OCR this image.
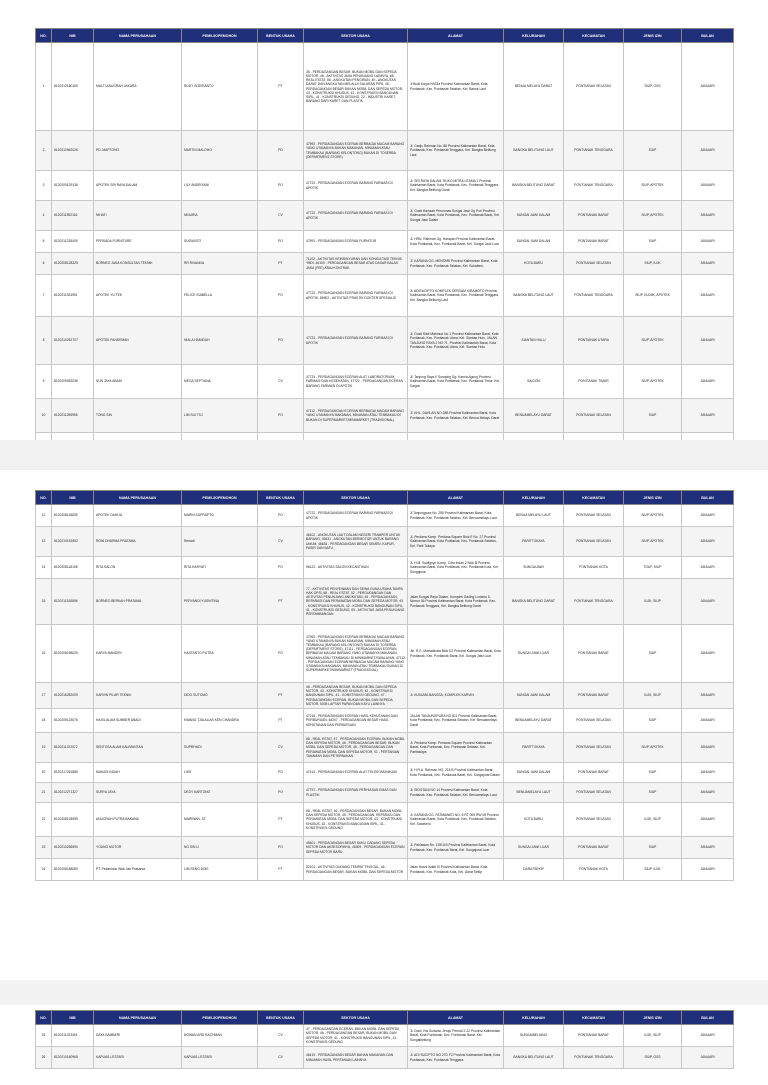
NO.	NIB	NAMA PERUSAHAAN	PEMILIK/PEMOHON	BENTUK USAHA	SEKTOR USAHA	ALAMAT	KELURAHAN	KECAMATAN	JENIS IZIN	BULAN
1	8120212180169	MULTI ANUGRAH JAKARA	RUDY SOERIANTO	PT	36 - PERDAGANGAN BESAR, BUKAN MOBIL DAN SEPEDA MOTOR, 46 - AKTIVITAS JASA PENUNJANG LAINNYA, 68 - REAL ESTAT, 56 - ANGKUTAN PENGIRAN, 49 - ANGKUTAN DARAT DAN ANGKUTAN MELALUI SALURAN PIPA, 46 - PERDAGANGAN BESAR BUKAN MOBIL DAN SEPEDA MOTOR, 43 - KONSTRUKSI KHUSUS, 42 - KONSTRUKSI BANGUNAN SIPIL, 41 - KONSTRUKSI GEDUNG, 22 - INDUSTRI KARET, BARANG DARI KARET DAN PLASTIK	Jl Budi Karya Nh33a Provinsi Kalimantan Barat, Kota Pontianak, Kec. Pontianak Selatan, Kel. Bansir Laut	BENUA MELAYU DARAT	PONTIANAK SELATAN	SIUP, OSS	JANUARI
2	8120210962026	PD. MAPTONG	MARTIN MALOHO	PD	47992 - PERDAGANGAN ECERAN BERBAGAI MACAM BARANG YANG UTAMANYA BUKAN MAKANAN, MINUMAN ATAU TEMBAKAU (BARANG KELONTONG) BUKAN DI TOSERBA (DEPARTMENT STORE)	Jl. Gadjo Rahman No. 88 Provinsi Kalimantan Barat, Kota Pontianak, Kec. Pontianak Tenggara, Kel. Bangka Belitung Laut	BANGKA BELITUNG LAUT	PONTIANAK TENGGARA	SIUP	JANUARI
3	8120209129136	APOTEK SRI RAYA DALAM	LILY ANDRIYANI	PO	47722 - PERDAGANGAN ECERAN BARANG FARMASI DI APOTIK	Jl. SRI RAYA DALAM, RUKO MITRA UTAMA 1 Provinsi Kalimantan Barat, Kota Pontianak, Kec. Pontianak Tenggara, Kel. Bangka Belitung Darat	BANGKA BELITUNG DARAT	PONTIANAK TENGGARA	SIUP, APOTEK	JANUARI
4	8120211592116	NIHATI	NINURIA	CV	47722 - PERDAGANGAN ECERAN BARANG FARMASI DI APOTIK	Jl. Gusti Hamzah Perumnas Sungai Jawi Gg Puri Provinsi Kalimantan Barat, Kota Pontianak, Kec. Pontianak Barat, Kel. Sungai Jawi Dalam	SUNGAI JAWI DALAM	PONTIANAK BARAT	SIUP, APOTEK	JANUARI
5	8120211228409	PERSADA FURNITURE	SUGIANTO	PO	47591 - PERDAGANGAN ECERAN FURNITUR	Jl. HRN. Rahman Gg. Harapan Provinsi Kalimantan Barat, Kota Pontianak, Kec. Pontianak Barat, Kel. Sungai Jawi Luar	SUNGAI JAWI DALAM	PONTIANAK BARAT	SIUP	JANUARI
6	8120208128325	BORNEO JASA KONSULTAN TEKNIK	RR RIVANDA	PT	71102 - AKTIVITAS KEINSINYURAN DAN KONSULTASI TEKNIS YBDI, 46100 - PERDAGANGAN BESAR ATAS DASAR BALAS JASA (FEE) ATAU KONTRAK	Jl. KARANA GG. MENTARI Provinsi Kalimantan Barat, Kota Pontianak, Kec. Pontianak Selatan, Kel. Sokaberu	KOTA BARU	PONTIANAK SELATAN	SIUP, IUJK	JANUARI
7	8120211924991	APOTEK YU TEK	FELICE ISABELLA	PO	47722 - PERDAGANGAN ECERAN BARANG FARMASI DI APOTIK, 86902 - AKTIVITAS PRAKTIK DOKTER SPESIALIS	Jl. ADISUCIPTO KOMPLEK SERDAM KIRAMOTO Provinsi Kalimantan Barat, Kota Pontianak, Kec. Pontianak Tenggara, Kel. Bangka Belitung Laut	BANGKA BELITUNG LAUT	PONTIANAK TENGGARA	SIUP, KLINIK, APOTEK	JANUARI
8	8120210252707	APOTEK PANDEMAN	NIALA HAMIDAH	PO	47722 - PERDAGANGAN ECERAN BARANG FARMASI DI APOTIK	Jl. Gusti Situt Mahmud No 1 Provinsi Kalimantan Barat, Kota Pontianak, Kec. Pontianak Utara, Kel. Siantan Hulu, JALAN TANJUNG RAYA 2 NO 71, Provinsi Kalimantan Barat, Kota Pontianak, Kec. Pontianak Utara, Kel. Siantan Hulu	SIANTAN HULU	PONTIANAK UTARA	SIUP, APOTEK	JANUARI
9	8120209052036	SUN JAYA ABADI	MEGA SEPTIANA	CV	47724 - PERDAGANGAN ECERAN ALAT LABORATORIUM, FARMASI DAN KESEHATAN, 47722 - PERDAGANGAN ECERAN BARANG FARMASI DI APOTIK	Jl. Tanjung Raya II Sumping Gg. Karnia Agung Provinsi Kalimantan Barat, Kota Pontianak, Kec. Pontianak Timur, Kel. Saigon	SAIGON	PONTIANAK TIMUR	SIUP, APOTEK	JANUARI
10	8120211298955	TONG SIN	LIM SUI TSJ	PO	47112 - PERDAGANGAN ECERAN BERBAGAI MACAM BARANG YANG UTAMANYA MAKANAN, MINUMAN ATAU TEMBAKAU DI BUKAN DI SUPERMARKET/MINIMARKET (TRADISIONAL)	Jl. KHL. DAHLAN NO.28B Provinsi Kalimantan Barat, Kota Pontianak, Kec. Pontianak Selatan, Kel. Benua Melayu Darat	BENUAMELAYU DARAT	PONTIANAK SELATAN	SIUP	JANUARI

NO.	NIB	NAMA PERUSAHAAN	PEMILIK/PEMOHON	BENTUK USAHA	SEKTOR USAHA	ALAMAT	KELURAHAN	KECAMATAN	JENIS IZIN	BULAN
12	8120208118835	APOTEK DAHLIA	MARNI SUPRAPTO	PO	47722 - PERDAGANGAN ECERAN BARANG FARMASI DI APOTIK	Jl Tanjungpura No. 298 Provinsi Kalimantan Barat, Kota Pontianak, Kec. Pontianak Selatan, Kel. Benuamelayu Laut	BENUA MELAYU LAUT	PONTIANAK SELATAN	SIUP, APOTEK	JANUARI
13	8120210152592	RONI DHARMA PRATAMA	Renadi	CV	46102 - ANGKUTAN LAUT DALAM NEGERI TRAMPER UNTUK BARANG, 49431 - ANGKUTAN BERMOTOR UNTUK BARANG UMUM, 46634 - PERDAGANGAN BESAR SEMEN, KAPUR, PASIR DAN BATU	Jl. Perdana Komp. Perdana Square Blok E No. 27 Provinsi Kalimantan Barat, Kota Pontianak, Kec. Pontianak Selatan, Kel. Parit Tokaya	PARITTOKAYA	PONTIANAK SELATAN	SIUP, APOTEK	JANUARI
14	8120208118108	RITA SALON	RITA HARYATI	PO	96122 - AKTIVITAS SALON KECANTIKAN	Jl. H.M. Suwignyo Komp. Citra Indah 2 Blok B Provinsi Kalimantan Barat, Kota Pontianak, Kec. Pontianak Kota, Kel. Sungajurai	SUNGAIJAWI	PONTIANAK KOTA	TDUP, SIUP	JANUARI
15	8120211518896	BORNEO BERKAH PRATAMA	PERYANDI YUSNITINA	PT	77 - AKTIVITAS PENYEWAAN DAN SEWA GUNA USAHA TANPA HAK OPSI, 68 - REAL ESTAT, 52 - PERGUDANGAN DAN AKTIVITAS PENUNJANG ANGKUTAN, 45 - PERDAGANGAN, REPARASI DAN PERAWATAN MOBIL DAN SEPEDA MOTOR, 43 - KONSTRUKSI KHUSUS, 42 - KONSTRUKSI BANGUNAN SIPIL, 41 - KONSTRUKSI GEDUNG, 09 - AKTIVITAS JASA PENUNJANG PERTAMBANGAN	Jalan Sungai Raya Dalam, Komplek Gading Lumintu 5, Nomor 36 Provinsi Kalimantan Barat, Kota Pontianak, Kec. Pontianak Tenggara, Kel. Bangka Belitung Darat	BANGKA BELITUNG DARAT	PONTIANAK TENGGARA	IUJK, SIUP	JANUARI
16	8120208198025	KARYA MANDIRI	HASTANTO PUTRA	PO	47992 - PERDAGANGAN ECERAN BERBAGAI MACAM BARANG YANG UTAMANYA BUKAN MAKANAN, MINUMAN ATAU TEMBAKAU (BARANG KELONTONG) BUKAN DI TOSERBA (DEPARTMENT STORE), 47111 - PERDAGANGAN ECERAN BERBAGAI MACAM BARANG YANG UTAMANYA MAKANAN, MINUMAN ATAU TEMBAKAU DI MINIMARKET/SWALAYAN, 47112 - PERDAGANGAN ECERAN BERBAGAI MACAM BARANG YANG UTAMANYA MAKANAN, MINUMAN ATAU TEMBAKAU BUKAN DI SUPERMARKET/MINIMARKET (TRADISIONAL)	Jln. R.E. Martadinata Blok D2 Provinsi Kalimantan Barat, Kota Pontianak, Kec. Pontianak Barat, Kel. Sungai Jawi Luar	SUNGAI JAWI LUAR	PONTIANAK BARAT	SIUP	JANUARI
17	8120216282009	KARVIN PILAR TEKNIK	DIDO SUTOMO	PT	46 - PERDAGANGAN BESAR, BUKAN MOBIL DAN SEPEDA MOTOR, 43 - KONSTRUKSI KHUSUS, 42 - KONSTRUKSI BANGUNAN SIPIL, 41 - KONSTRUKSI GEDUNG, 47 - PERDAGANGAN ECERAN, BUKAN MOBIL DAN SEPEDA MOTOR, 5005 LAPTAR PAPAN DAN KAYU LAINNYA	Jl. KUSUMA BANGSA, KOMPLEK KARVIN	SUNGAI JAWI DALAM	PONTIANAK BARAT	IUJK, SIUP	JANUARI
18	8120209123076	HASIL ALAM SUMBER ABADI	KWANG TJIA ALIAS KEN CHANDRA	PT	47216 - PERDAGANGAN ECERAN HASIL KEHUTANAN DAN PERBURUAN, 46207 - PERDAGANGAN BESAR HASIL KEHUTANAN DAN PERBURUAN	JALAN TANJUNGPURA NO 811 Provinsi Kalimantan Barat, Kota Pontianak, Kec. Pontianak Selatan, Kel. Benuamelayu Darat	BENUAMELAYU DARAT	PONTIANAK SELATAN	SIUP	JANUARI
19	8120211222072	SENTOSA ALAM KALIMANTAN	SUPRIYADI	CV	68 - REAL ESTAT, 47 - PERDAGANGAN ECERAN, BUKAN MOBIL DAN SEPEDA MOTOR, 46 - PERDAGANGAN BESAR, BUKAN MOBIL DAN SEPEDA MOTOR, 45 - PERDAGANGAN DAN PERAWATAN MOBIL DAN SEPEDA MOTOR, 01 - PERTANIAN TANAMAN DAN PETERNAKAN	Jl. Perdana Komp. Perdana Square Provinsi Kalimantan Barat, Kota Pontianak, Kec. Pontianak Selatan, Kel. Parittokaya	PARITTOKAYA	PONTIANAK SELATAN	SIUP, APOTEK	JANUARI
20	8120217261886	MAKASI INDAH	LISS	PO	47414 - PERDAGANGAN ECERAN ALAT TELEKOMUNIKASI	Jl. H.R.A. Rahman NO. 218 B Provinsi Kalimantan Barat, Kota Pontianak, Kec. Pontianak Barat, Kel. Sungajurai Dalam	SUNGAI JAWI DALAM	PONTIANAK BARAT	SIUP	JANUARI
21	8120212271327	SURYA JAYA	DEDY KARTONO	PO	47797 - PERDAGANGAN ECERAN PERHIASAN EMAS DAN PLASTIK	Jl. SIDOTANI NO 14 Provinsi Kalimantan Barat, Kota Pontianak, Kec. Pontianak Selatan, Kel. Benuamelayu Laut	BENUAMELAYU LAUT	PONTIANAK SELATAN	SIUP	JANUARI
22	8120208128959	ANUGRAH PUTRA BAKANA	MARIWAN, ST.	PT	68 - REAL ESTAT, 46 - PERDAGANGAN BESAR, BUKAN MOBIL DAN SEPEDA MOTOR, 45 - PERDAGANGAN, REPARASI DAN PERAWATAN MOBIL DAN SEPEDA MOTOR, 43 - KONSTRUKSI KHUSUS, 42 - KONSTRUKSI BANGUNAN SIPIL, 41 - KONSTRUKSI GEDUNG	Jl. KARANA GG. FATMAWATI NO. 8 RT 005 RW 08 Provinsi Kalimantan Barat, Kota Pontianak, Kec. Pontianak Selatan, Kel. Sokaberu	KOTA BARU	PONTIANAK SELATAN	IUJK, SIUP	JANUARI
23	8120210256590	YOUNG MOTOR	NG SIN LI	PO	45401 - PERDAGANGAN BESAR SUKU CADANG SEPEDA MOTOR DAN AKSESORINYA, 45409 - PERDAGANGAN ECERAN SEPEDA MOTOR BARU	Jl. Pahlawan No. 139/103 Provinsi Kalimantan Barat, Kota Pontianak, Kec. Pontianak Barat, Kel. Sungajurai Luar	SUNGAI JAWI LUAR	PONTIANAK BARAT	SIUP	JANUARI
24	8120208188080	PT. Pekanindo Wak Jab Prakarsa	LIM SENG BOIE	PT	52101 - AKTIVITAS GUDANG TEMPAT TINGGAL, 46 - PERDAGANGAN BESAR, BUKAN MOBIL DAN SEPEDA MOTOR	Jalan Husni Isdah III Provinsi Kalimantan Barat, Kota Pontianak, Kec. Pontianak Kota, Kel. Darat Sekip	DARATSEKIP	PONTIANAK KOTA	SIUP, IUJK	JANUARI
NO.	NIB	NAMA PERUSAHAAN	PEMILIK/PEMOHON	BENTUK USAHA	SEKTOR USAHA	ALAMAT	KELURAHAN	KECAMATAN	JENIS IZIN	BULAN
25	8120211223491	DAYA SAMBERI	NOWAN ARD RACHMAN	CV	47 - PERDAGANGAN ECERAN, BUKAN MOBIL DAN SEPEDA MOTOR, 46 - PERDAGANGAN BESAR, BUKAN MOBIL DAN SEPEDA MOTOR, 41 - KONSTRUKSI BANGUNAN SIPIL, 41 - KONSTRUKSI GEDUNG	Jl. Dumi Yos Sudarso Jerujo Permai 2-22 Provinsi Kalimantan Barat, Kota Pontianak, Kec. Pontianak Barat, Kel. Sungaibeliung	SUNGAIBELIUNG	PONTIANAK BARAT	IUJK, SIUP	JANUARI
26	8120210160965	KAPUAS LESTARI	KAPUAS LESTARI	CV	46419 - PERDAGANGAN BESAR BAHAN MAKANAN DAN MINUMAN HASIL PERTANIAN LAINNYA	Jl. ADI SUCIPTO NO 27D F2 Provinsi Kalimantan Barat, Kota Pontianak, Kec. Pontianak Tenggara	BANGKA BELITUNG LAUT	PONTIANAK TENGGARA	SIUP, OSS	JANUARI
